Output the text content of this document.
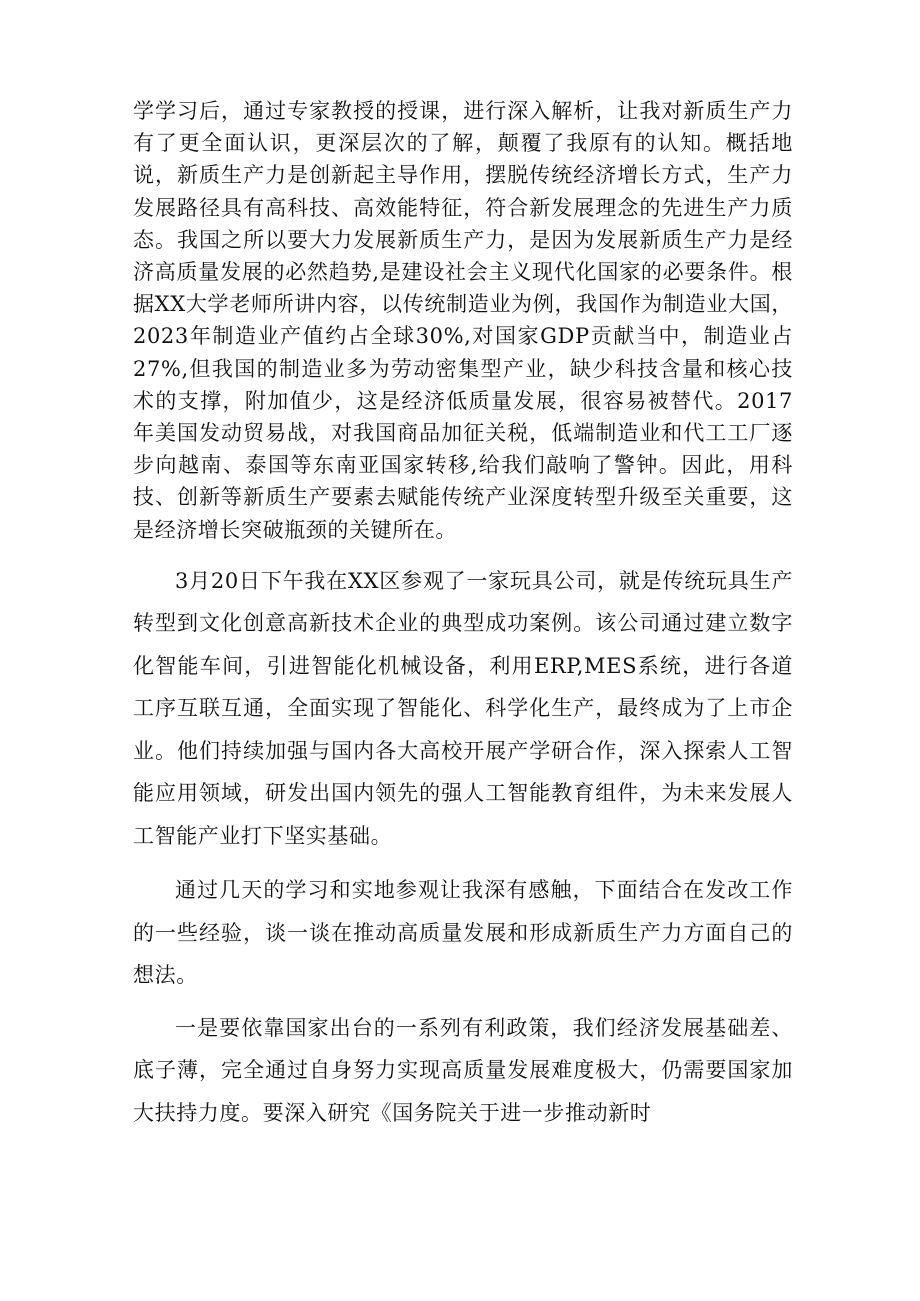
学学习后，通过专家教授的授课，进行深入解析，让我对新质生产力有了更全面认识，更深层次的了解，颠覆了我原有的认知。概括地说，新质生产力是创新起主导作用，摆脱传统经济增长方式，生产力发展路径具有高科技、高效能特征，符合新发展理念的先进生产力质态。我国之所以要大力发展新质生产力，是因为发展新质生产力是经济高质量发展的必然趋势,是建设社会主义现代化国家的必要条件。根据XX大学老师所讲内容，以传统制造业为例，我国作为制造业大国，2023年制造业产值约占全球30%,对国家GDP贡献当中，制造业占27%,但我国的制造业多为劳动密集型产业，缺少科技含量和核心技术的支撑，附加值少，这是经济低质量发展，很容易被替代。2017年美国发动贸易战，对我国商品加征关税，低端制造业和代工工厂逐步向越南、泰国等东南亚国家转移,给我们敲响了警钟。因此，用科技、创新等新质生产要素去赋能传统产业深度转型升级至关重要，这是经济增长突破瓶颈的关键所在。

3月20日下午我在XX区参观了一家玩具公司，就是传统玩具生产转型到文化创意高新技术企业的典型成功案例。该公司通过建立数字化智能车间，引进智能化机械设备，利用ERP,MES系统，进行各道工序互联互通，全面实现了智能化、科学化生产，最终成为了上市企业。他们持续加强与国内各大高校开展产学研合作，深入探索人工智能应用领域，研发出国内领先的强人工智能教育组件，为未来发展人工智能产业打下坚实基础。

通过几天的学习和实地参观让我深有感触，下面结合在发改工作的一些经验，谈一谈在推动高质量发展和形成新质生产力方面自己的想法。

一是要依靠国家出台的一系列有利政策，我们经济发展基础差、底子薄，完全通过自身努力实现高质量发展难度极大，仍需要国家加大扶持力度。要深入研究《国务院关于进一步推动新时
